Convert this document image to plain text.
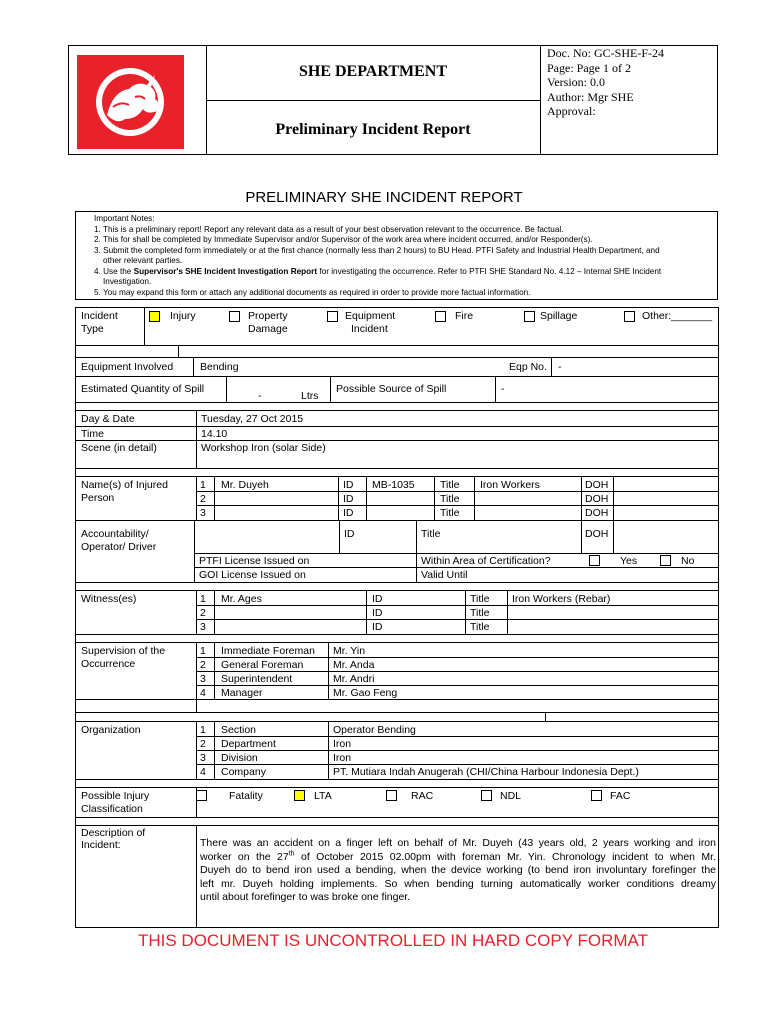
SHE DEPARTMENT
Preliminary Incident Report
Doc. No: GC-SHE-F-24
Page: Page 1 of 2
Version: 0.0
Author: Mgr SHE
Approval:
PRELIMINARY SHE INCIDENT REPORT
Important Notes:
1. This is a preliminary report! Report any relevant data as a result of your best observation relevant to the occurrence. Be factual.
2. This for shall be completed by Immediate Supervisor and/or Supervisor of the work area where incident occurred, and/or Responder(s).
3. Submit the completed form immediately or at the first chance (normally less than 2 hours) to BU Head. PTFI Safety and Industrial Health Department, and
other relevant parties.
4. Use the Supervisor's SHE Incident Investigation Report for investigating the occurrence. Refer to PTFI SHE Standard No. 4.12 – Internal SHE Incident
Investigation.
5. You may expand this form or attach any additional documents as required in order to provide more factual information.
Incident
Type
Injury	Property
Damage
Equipment
Incident
Fire	Spillage	Other:_______
Equipment Involved	Bending	Eqp No. -
Estimated Quantity of Spill
-	Ltrs
Possible Source of Spill	-
Day & Date	Tuesday, 27 Oct 2015
Time	14.10
Scene (in detail)	Workshop Iron (solar Side)
Name(s) of Injured
Person
1 Mr. Duyeh	ID MB-1035 Title Iron Workers	DOH
2	ID	Title	DOH
3	ID	Title	DOH
Accountability/
Operator/ Driver
ID	Title	DOH
PTFI License Issued on	Within Area of Certification?	Yes	No
GOI License Issued on	Valid Until
Witness(es)	1 Mr. Ages	ID	Title Iron Workers (Rebar)
2	ID	Title
3	ID	Title
Supervision of the
Occurrence
1 Immediate Foreman Mr. Yin
2 General Foreman	Mr. Anda
3 Superintendent	Mr. Andri
4 Manager	Mr. Gao Feng
Organization	1 Section	Operator Bending
2 Department	Iron
3 Division	Iron
4 Company	PT. Mutiara Indah Anugerah (CHI/China Harbour Indonesia Dept.)
Possible Injury
Classification
Fatality	LTA	RAC	NDL	FAC
Description of
Incident:	There was an accident on a finger left on behalf of Mr. Duyeh (43 years old, 2 years working and iron
worker on the 27th of October 2015 02.00pm with foreman Mr. Yin. Chronology incident to when Mr.
Duyeh do to bend iron used a bending, when the device working (to bend iron involuntary forefinger the
left mr. Duyeh holding implements. So when bending turning automatically worker conditions dreamy
until about forefinger to was broke one finger.
THIS DOCUMENT IS UNCONTROLLED IN HARD COPY FORMAT
